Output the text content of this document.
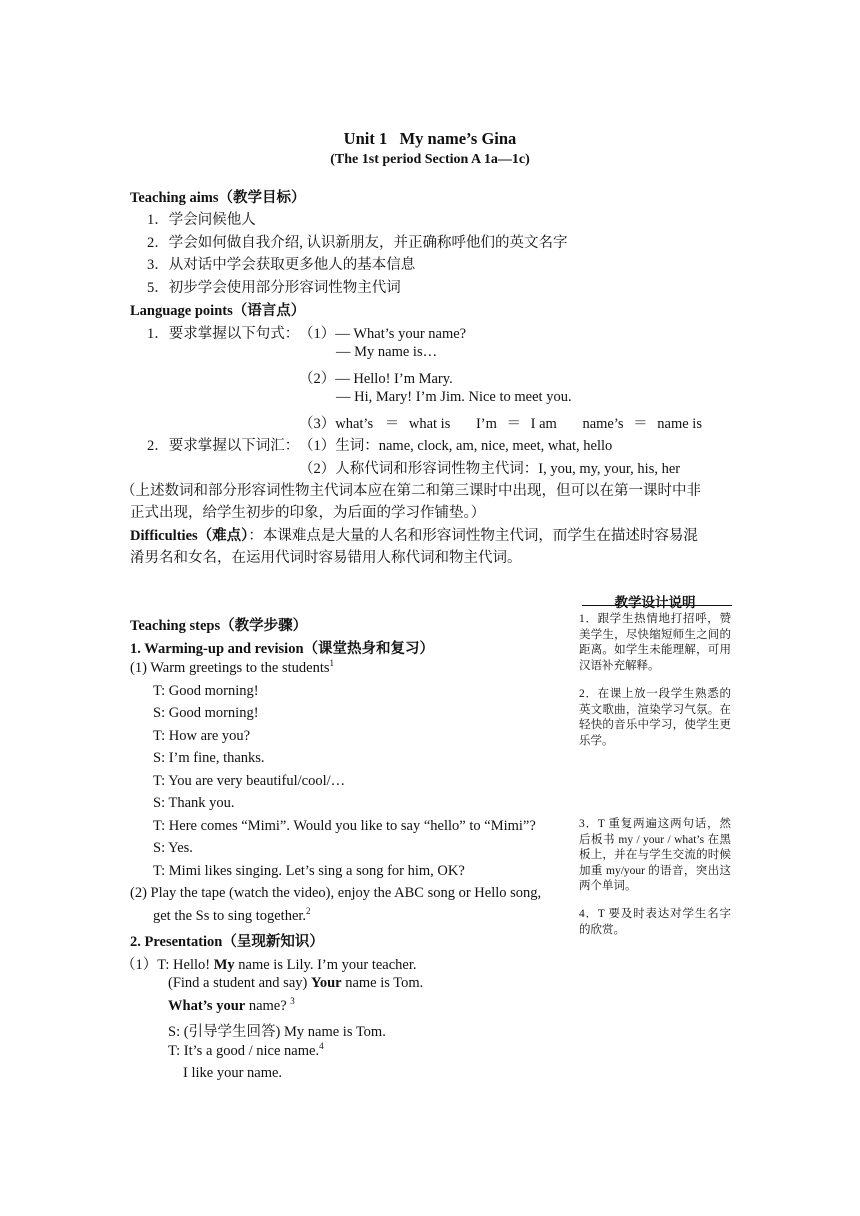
Unit 1   My name’s Gina
(The 1st period Section A 1a—1c)
Teaching aims（教学目标）
1．学会问候他人
2．学会如何做自我介绍, 认识新朋友，并正确称呼他们的英文名字
3．从对话中学会获取更多他人的基本信息
5．初步学会使用部分形容词性物主代词
Language points（语言点）
1．要求掌握以下句式： （1）— What’s your name?
— My name is…
（2）— Hello! I’m Mary.
— Hi, Mary! I’m Jim. Nice to meet you.
（3）what’s ＝ what is I’m ＝ I am name’s ＝ name is
2．要求掌握以下词汇： （1）生词：name, clock, am, nice, meet, what, hello
（2）人称代词和形容词性物主代词：I, you, my, your, his, her
（上述数词和部分形容词性物主代词本应在第二和第三课时中出现，但可以在第一课时中非
正式出现，给学生初步的印象，为后面的学习作铺垫。）
Difficulties（难点）：本课难点是大量的人名和形容词性物主代词，而学生在描述时容易混
淆男名和女名，在运用代词时容易错用人称代词和物主代词。
教学设计说明
1．跟学生热情地打招呼，赞美学生，尽快缩短师生之间的距离。如学生未能理解，可用汉语补充解释。
2．在课上放一段学生熟悉的英文歌曲，渲染学习气氛。在轻快的音乐中学习，使学生更乐学。
3．T 重复两遍这两句话，然后板书 my / your / what’s 在黑板上，并在与学生交流的时候加重 my/your 的语音，突出这两个单词。
4．T 要及时表达对学生名字的欣赏。
Teaching steps（教学步骤）
1. Warming-up and revision（课堂热身和复习）
(1) Warm greetings to the students$^1$
T: Good morning!
S: Good morning!
T: How are you?
S: I’m fine, thanks.
T: You are very beautiful/cool/…
S: Thank you.
T: Here comes “Mimi”. Would you like to say “hello” to “Mimi”?
S: Yes.
T: Mimi likes singing. Let’s sing a song for him, OK?
(2) Play the tape (watch the video), enjoy the ABC song or Hello song,
get the Ss to sing together.$^2$
2. Presentation（呈现新知识）
（1）T: Hello! My name is Lily. I’m your teacher.
(Find a student and say) Your name is Tom.
What’s your name? $^3$
S: (引导学生回答) My name is Tom.
T: It’s a good / nice name.$^4$
I like your name.
